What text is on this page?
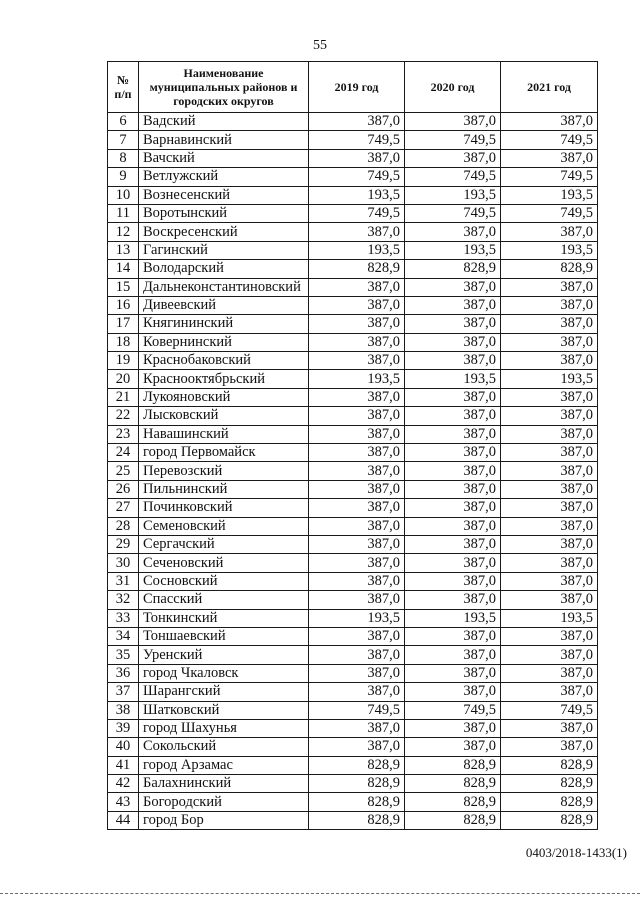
55
№ п/п	Наименование муниципальных районов и городских округов	2019 год	2020 год	2021 год
6	Вадский	387,0	387,0	387,0
7	Варнавинский	749,5	749,5	749,5
8	Вачский	387,0	387,0	387,0
9	Ветлужский	749,5	749,5	749,5
10	Вознесенский	193,5	193,5	193,5
11	Воротынский	749,5	749,5	749,5
12	Воскресенский	387,0	387,0	387,0
13	Гагинский	193,5	193,5	193,5
14	Володарский	828,9	828,9	828,9
15	Дальнеконстантиновский	387,0	387,0	387,0
16	Дивеевский	387,0	387,0	387,0
17	Княгининский	387,0	387,0	387,0
18	Ковернинский	387,0	387,0	387,0
19	Краснобаковский	387,0	387,0	387,0
20	Краснооктябрьский	193,5	193,5	193,5
21	Лукояновский	387,0	387,0	387,0
22	Лысковский	387,0	387,0	387,0
23	Навашинский	387,0	387,0	387,0
24	город Первомайск	387,0	387,0	387,0
25	Перевозский	387,0	387,0	387,0
26	Пильнинский	387,0	387,0	387,0
27	Починковский	387,0	387,0	387,0
28	Семеновский	387,0	387,0	387,0
29	Сергачский	387,0	387,0	387,0
30	Сеченовский	387,0	387,0	387,0
31	Сосновский	387,0	387,0	387,0
32	Спасский	387,0	387,0	387,0
33	Тонкинский	193,5	193,5	193,5
34	Тоншаевский	387,0	387,0	387,0
35	Уренский	387,0	387,0	387,0
36	город Чкаловск	387,0	387,0	387,0
37	Шарангский	387,0	387,0	387,0
38	Шатковский	749,5	749,5	749,5
39	город Шахунья	387,0	387,0	387,0
40	Сокольский	387,0	387,0	387,0
41	город Арзамас	828,9	828,9	828,9
42	Балахнинский	828,9	828,9	828,9
43	Богородский	828,9	828,9	828,9
44	город Бор	828,9	828,9	828,9
0403/2018-1433(1)
